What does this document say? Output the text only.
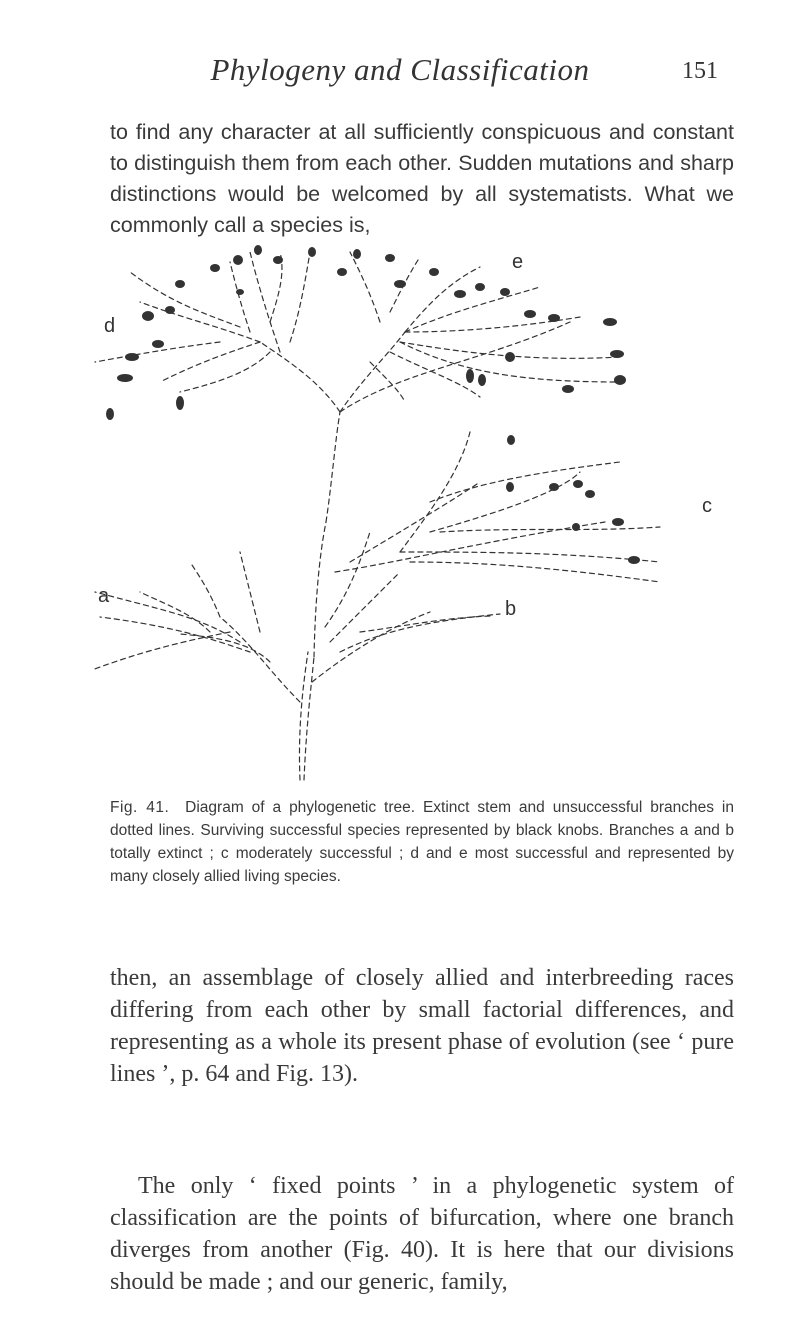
Phylogeny and Classification	151

to find any character at all sufficiently conspicuous and constant to distinguish them from each other. Sudden mutations and sharp distinctions would be welcomed by all systematists. What we commonly call a species is,

d
e
c
a
b
Fig. 41. Diagram of a phylogenetic tree. Extinct stem and unsuccessful branches in dotted lines. Surviving successful species represented by black knobs. Branches a and b totally extinct ; c moderately successful ; d and e most successful and represented by many closely allied living species.
then, an assemblage of closely allied and interbreeding races differing from each other by small factorial differences, and representing as a whole its present phase of evolution (see ‘ pure lines ’, p. 64 and Fig. 13).
The only ‘ fixed points ’ in a phylogenetic system of classification are the points of bifurcation, where one branch diverges from another (Fig. 40). It is here that our divisions should be made ; and our generic, family,
